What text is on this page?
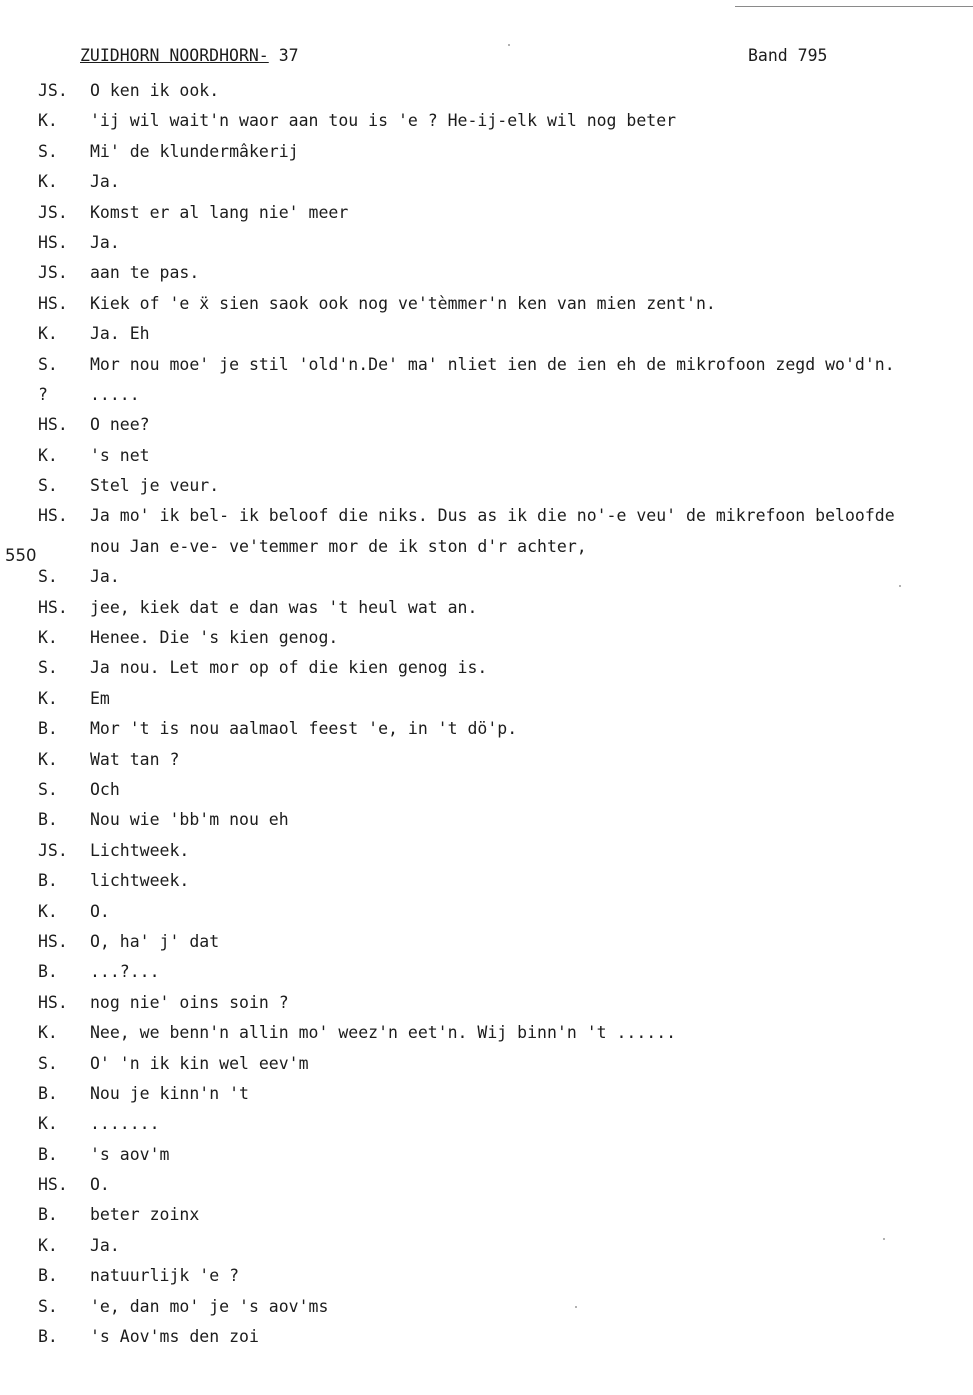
ZUIDHORN NOORDHORN- 37	Band 795
550
JS. O ken ik ook.
K. 'ij wil wait'n waor aan tou is 'e ? He-ij-elk wil nog beter
S. Mi' de klundermâkerij
K. Ja.
JS. Komst er al lang nie' meer
HS. Ja.
JS. aan te pas.
HS. Kiek of 'e ẍ sien saok ook nog ve'tèmmer'n ken van mien zent'n.
K. Ja. Eh
S. Mor nou moe' je stil 'old'n.De' ma' nliet ien de ien eh de mikrofoon zegd wo'd'n.
?	.....
HS. O nee?
K. 's net
S. Stel je veur.
HS. Ja mo' ik bel- ik beloof die niks. Dus as ik die no'-e veu' de mikrefoon beloofde
nou Jan e-ve- ve'temmer mor de ik ston d'r achter,
S. Ja.
HS. jee, kiek dat e dan was 't heul wat an.
K. Henee. Die 's kien genog.
S. Ja nou. Let mor op of die kien genog is.
K. Em
B. Mor 't is nou aalmaol feest 'e, in 't dö'p.
K. Wat tan ?
S. Och
B. Nou wie 'bb'm nou eh
JS. Lichtweek.
B. lichtweek.
K. O.
HS. O, ha' j' dat
B. ...?...
HS. nog nie' oins soin ?
K. Nee, we benn'n allin mo' weez'n eet'n. Wij binn'n 't ......
S. O' 'n ik kin wel eev'm
B. Nou je kinn'n 't
K. .......
B. 's aov'm
HS. O.
B. beter zoinx
K. Ja.
B. natuurlijk 'e ?
S. 'e, dan mo' je 's aov'ms
B. 's Aov'ms den zoi
